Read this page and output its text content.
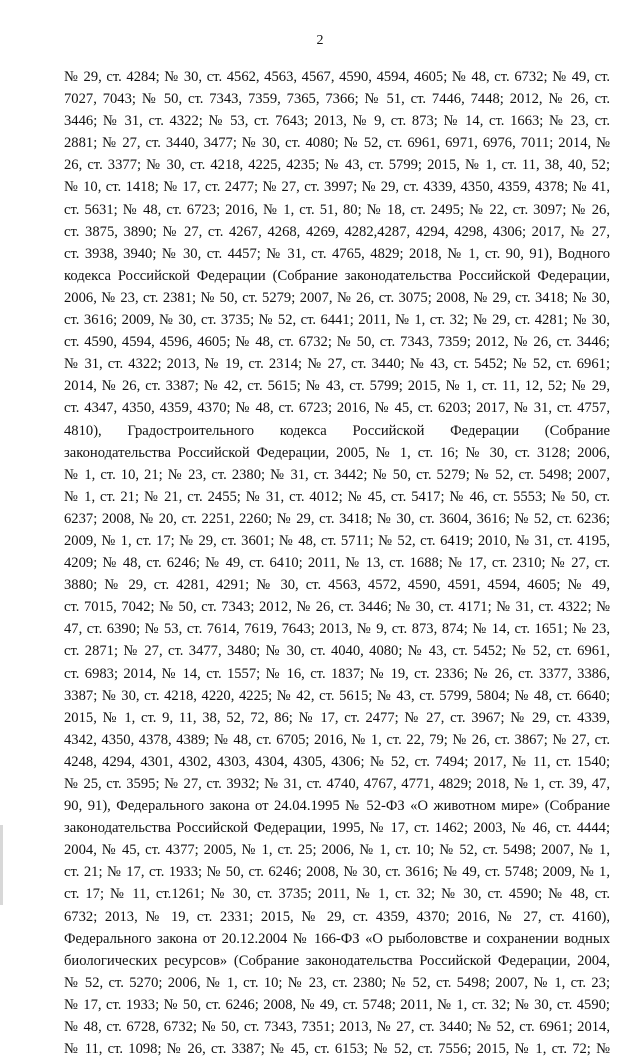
2
№ 29, ст. 4284; № 30, ст. 4562, 4563, 4567, 4590, 4594, 4605; № 48, ст. 6732; № 49, ст.
7027, 7043; № 50, ст. 7343, 7359, 7365, 7366; № 51, ст. 7446, 7448; 2012, № 26, ст.
3446; № 31, ст. 4322; № 53, ст. 7643; 2013, № 9, ст. 873; № 14, ст. 1663; № 23, ст.
2881; № 27, ст. 3440, 3477; № 30, ст. 4080; № 52, ст. 6961, 6971, 6976, 7011; 2014, №
26, ст. 3377; № 30, ст. 4218, 4225, 4235; № 43, ст. 5799; 2015, № 1, ст. 11, 38, 40, 52;
№ 10, ст. 1418; № 17, ст. 2477; № 27, ст. 3997; № 29, ст. 4339, 4350, 4359, 4378; № 41,
ст. 5631; № 48, ст. 6723; 2016, № 1, ст. 51, 80; № 18, ст. 2495; № 22, ст. 3097; № 26,
ст. 3875, 3890; № 27, ст. 4267, 4268, 4269, 4282,4287, 4294, 4298, 4306; 2017, № 27,
ст. 3938, 3940; № 30, ст. 4457; № 31, ст. 4765, 4829; 2018, № 1, ст. 90, 91), Водного
кодекса Российской Федерации (Собрание законодательства Российской Федерации,
2006, № 23, ст. 2381; № 50, ст. 5279; 2007, № 26, ст. 3075; 2008, № 29, ст. 3418; № 30,
ст. 3616; 2009, № 30, ст. 3735; № 52, ст. 6441; 2011, № 1, ст. 32; № 29, ст. 4281; № 30,
ст. 4590, 4594, 4596, 4605; № 48, ст. 6732; № 50, ст. 7343, 7359; 2012, № 26, ст. 3446;
№ 31, ст. 4322; 2013, № 19, ст. 2314; № 27, ст. 3440; № 43, ст. 5452; № 52, ст. 6961;
2014, № 26, ст. 3387; № 42, ст. 5615; № 43, ст. 5799; 2015, № 1, ст. 11, 12, 52; № 29,
ст. 4347, 4350, 4359, 4370; № 48, ст. 6723; 2016, № 45, ст. 6203; 2017, № 31, ст. 4757,
4810), Градостроительного кодекса Российской Федерации (Собрание
законодательства Российской Федерации, 2005, № 1, ст. 16; № 30, ст. 3128; 2006,
№ 1, ст. 10, 21; № 23, ст. 2380; № 31, ст. 3442; № 50, ст. 5279; № 52, ст. 5498; 2007,
№ 1, ст. 21; № 21, ст. 2455; № 31, ст. 4012; № 45, ст. 5417; № 46, ст. 5553; № 50, ст.
6237; 2008, № 20, ст. 2251, 2260; № 29, ст. 3418; № 30, ст. 3604, 3616; № 52, ст. 6236;
2009, № 1, ст. 17; № 29, ст. 3601; № 48, ст. 5711; № 52, ст. 6419; 2010, № 31, ст. 4195,
4209; № 48, ст. 6246; № 49, ст. 6410; 2011, № 13, ст. 1688; № 17, ст. 2310; № 27, ст.
3880; № 29, ст. 4281, 4291; № 30, ст. 4563, 4572, 4590, 4591, 4594, 4605; № 49,
ст. 7015, 7042; № 50, ст. 7343; 2012, № 26, ст. 3446; № 30, ст. 4171; № 31, ст. 4322; №
47, ст. 6390; № 53, ст. 7614, 7619, 7643; 2013, № 9, ст. 873, 874; № 14, ст. 1651; № 23,
ст. 2871; № 27, ст. 3477, 3480; № 30, ст. 4040, 4080; № 43, ст. 5452; № 52, ст. 6961,
ст. 6983; 2014, № 14, ст. 1557; № 16, ст. 1837; № 19, ст. 2336; № 26, ст. 3377, 3386,
3387; № 30, ст. 4218, 4220, 4225; № 42, ст. 5615; № 43, ст. 5799, 5804; № 48, ст. 6640;
2015, № 1, ст. 9, 11, 38, 52, 72, 86; № 17, ст. 2477; № 27, ст. 3967; № 29, ст. 4339,
4342, 4350, 4378, 4389; № 48, ст. 6705; 2016, № 1, ст. 22, 79; № 26, ст. 3867; № 27, ст.
4248, 4294, 4301, 4302, 4303, 4304, 4305, 4306; № 52, ст. 7494; 2017, № 11, ст. 1540;
№ 25, ст. 3595; № 27, ст. 3932; № 31, ст. 4740, 4767, 4771, 4829; 2018, № 1, ст. 39, 47,
90, 91), Федерального закона от 24.04.1995 № 52-ФЗ «О животном мире» (Собрание
законодательства Российской Федерации, 1995, № 17, ст. 1462; 2003, № 46, ст. 4444;
2004, № 45, ст. 4377; 2005, № 1, ст. 25; 2006, № 1, ст. 10; № 52, ст. 5498; 2007, № 1,
ст. 21; № 17, ст. 1933; № 50, ст. 6246; 2008, № 30, ст. 3616; № 49, ст. 5748; 2009, № 1,
ст. 17; № 11, ст.1261; № 30, ст. 3735; 2011, № 1, ст. 32; № 30, ст. 4590; № 48, ст.
6732; 2013, № 19, ст. 2331; 2015, № 29, ст. 4359, 4370; 2016, № 27, ст. 4160),
Федерального закона от 20.12.2004 № 166-ФЗ «О рыболовстве и сохранении водных
биологических ресурсов» (Собрание законодательства Российской Федерации, 2004,
№ 52, ст. 5270; 2006, № 1, ст. 10; № 23, ст. 2380; № 52, ст. 5498; 2007, № 1, ст. 23;
№ 17, ст. 1933; № 50, ст. 6246; 2008, № 49, ст. 5748; 2011, № 1, ст. 32; № 30, ст. 4590;
№ 48, ст. 6728, 6732; № 50, ст. 7343, 7351; 2013, № 27, ст. 3440; № 52, ст. 6961; 2014,
№ 11, ст. 1098; № 26, ст. 3387; № 45, ст. 6153; № 52, ст. 7556; 2015, № 1, ст. 72; №
